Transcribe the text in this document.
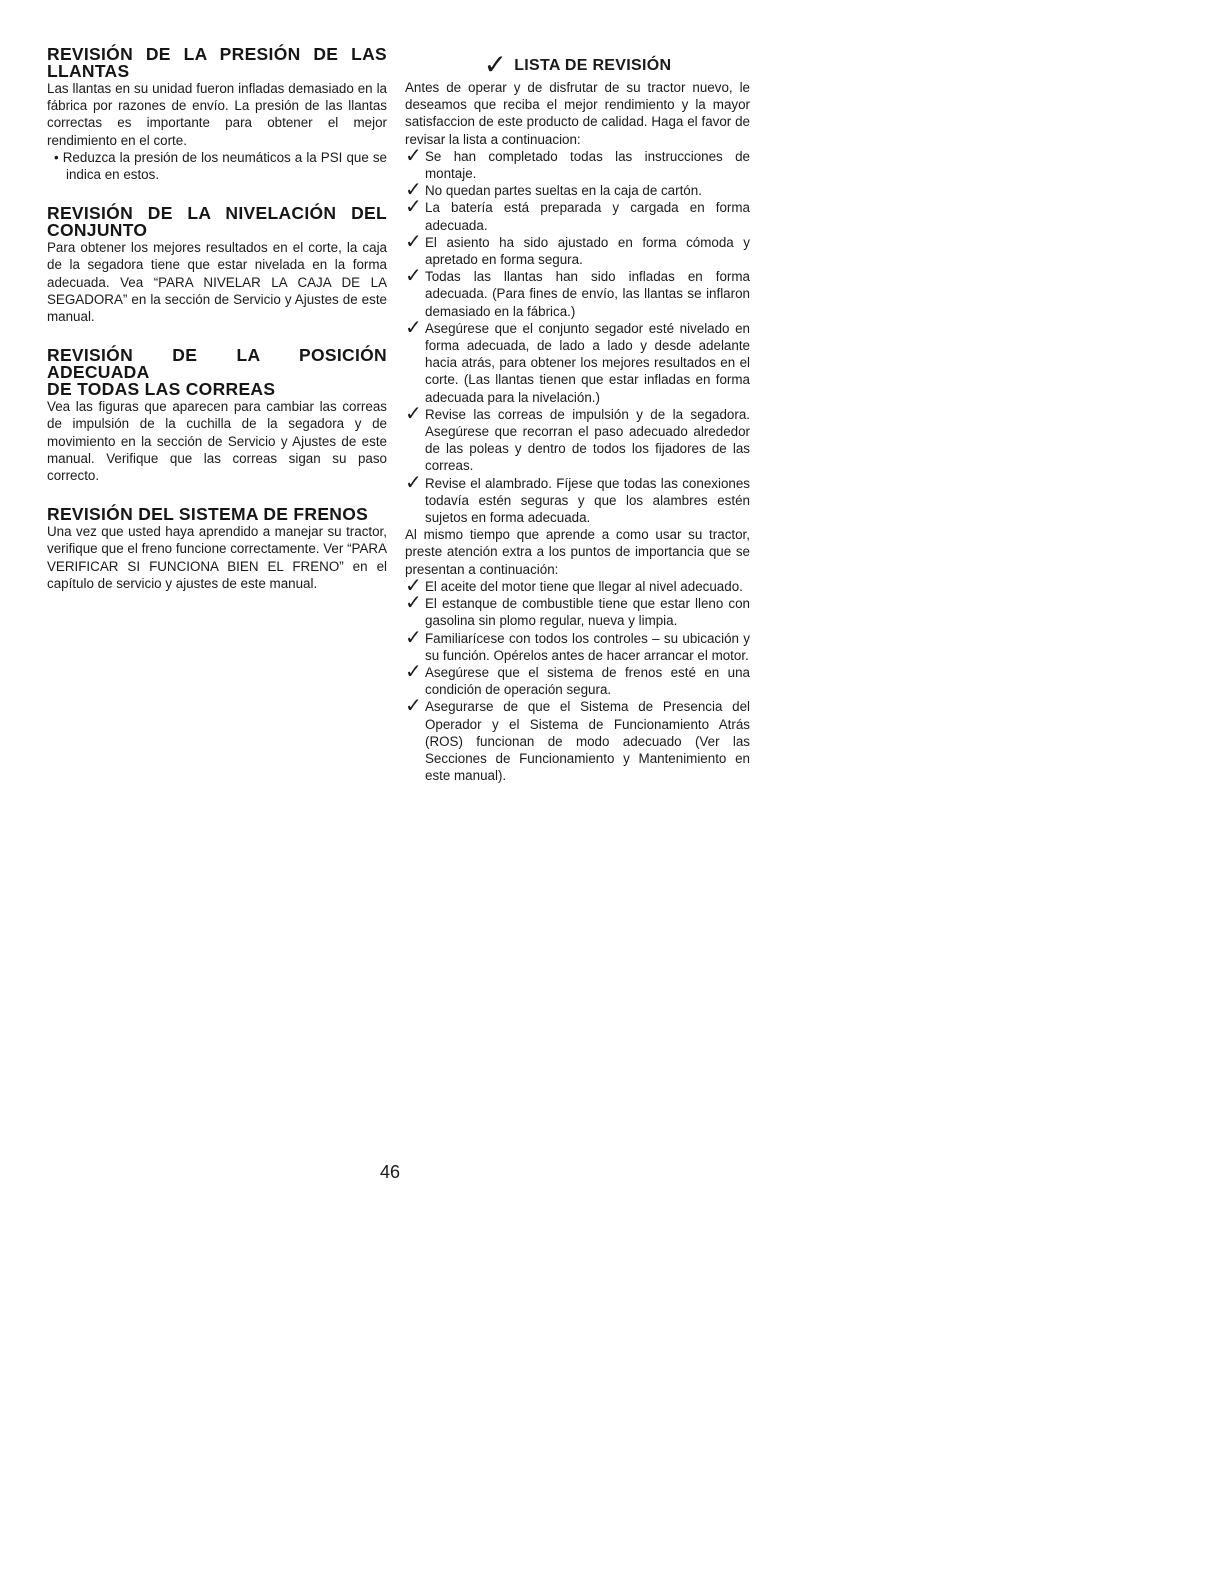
REVISIÓN DE LA PRESIÓN DE LAS
LLANTAS

Las llantas en su unidad fueron infladas demasiado en la fábrica por razones de envío. La presión de las llantas correctas es importante para obtener el mejor rendimiento en el corte.

• Reduzca la presión de los neumáticos a la PSI que se indica en estos.

REVISIÓN DE LA NIVELACIÓN DEL
CONJUNTO

Para obtener los mejores resultados en el corte, la caja de la segadora tiene que estar nivelada en la forma adecuada. Vea “PARA NIVELAR LA CAJA DE LA SEGADORA” en la sección de Servicio y Ajustes de este manual.

REVISIÓN DE LA POSICIÓN ADECUADA
DE TODAS LAS CORREAS

Vea las figuras que aparecen para cambiar las correas de impulsión de la cuchilla de la segadora y de movimiento en la sección de Servicio y Ajustes de este manual. Verifique que las correas sigan su paso correcto.

REVISIÓN DEL SISTEMA DE FRENOS

Una vez que usted haya aprendido a manejar su tractor, verifique que el freno funcione correctamente. Ver “PARA VERIFICAR SI FUNCIONA BIEN EL FRENO” en el capítulo de servicio y ajustes de este manual.

✓ LISTA DE REVISIÓN

Antes de operar y de disfrutar de su tractor nuevo, le deseamos que reciba el mejor rendimiento y la mayor satisfaccion de este producto de calidad. Haga el favor de revisar la lista a continuacion:

✓ Se han completado todas las instrucciones de montaje.

✓ No quedan partes sueltas en la caja de cartón.

✓ La batería está preparada y cargada en forma adecuada.

✓ El asiento ha sido ajustado en forma cómoda y apretado en forma segura.

✓ Todas las llantas han sido infladas en forma adecuada. (Para fines de envío, las llantas se inflaron demasiado en la fábrica.)

✓ Asegúrese que el conjunto segador esté nivelado en forma adecuada, de lado a lado y desde adelante hacia atrás, para obtener los mejores resultados en el corte. (Las llantas tienen que estar infladas en forma adecuada para la nivelación.)

✓ Revise las correas de impulsión y de la segadora. Asegúrese que recorran el paso adecuado alrededor de las poleas y dentro de todos los fijadores de las correas.

✓ Revise el alambrado. Fíjese que todas las conexiones todavía estén seguras y que los alambres estén sujetos en forma adecuada.

Al mismo tiempo que aprende a como usar su tractor, preste atención extra a los puntos de importancia que se presentan a continuación:

✓ El aceite del motor tiene que llegar al nivel adecuado.

✓ El estanque de combustible tiene que estar lleno con gasolina sin plomo regular, nueva y limpia.

✓ Familiarícese con todos los controles – su ubicación y su función. Opérelos antes de hacer arrancar el motor.

✓ Asegúrese que el sistema de frenos esté en una condición de operación segura.

✓ Asegurarse de que el Sistema de Presencia del Operador y el Sistema de Funcionamiento Atrás (ROS) funcionan de modo adecuado (Ver las Secciones de Funcionamiento y Mantenimiento en este manual).

46
